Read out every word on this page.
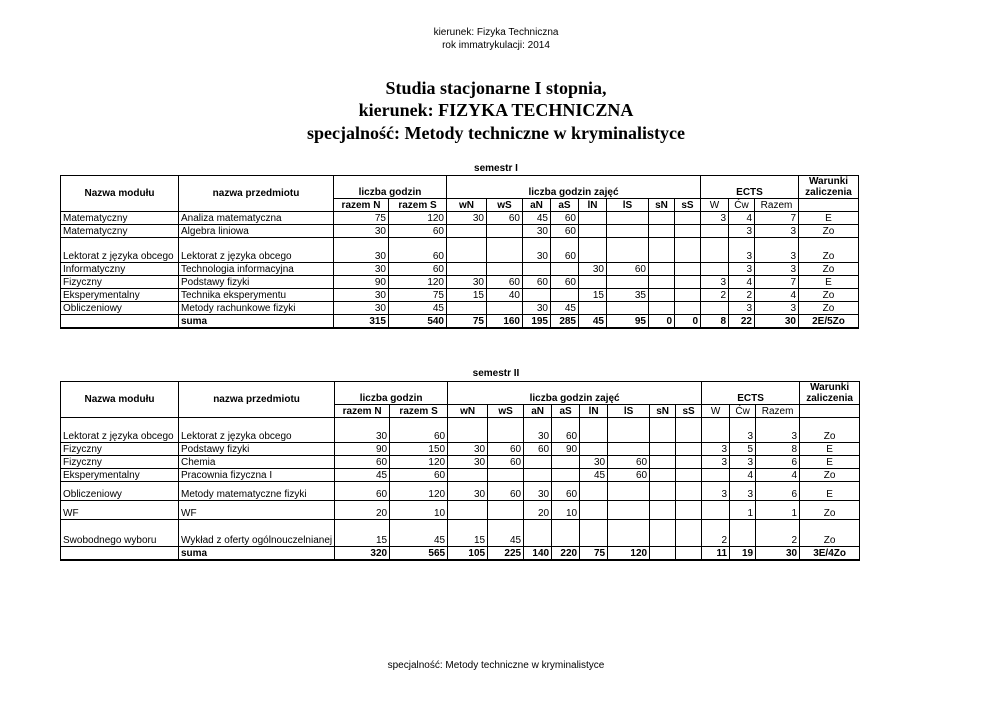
kierunek: Fizyka Techniczna
rok immatrykulacji: 2014
Studia stacjonarne I stopnia,
kierunek: FIZYKA TECHNICZNA
specjalność: Metody techniczne w kryminalistyce
semestr I
Nazwa modułu	nazwa przedmiotu	liczba godzin		liczba godzin zajęć								ECTS			Warunki
zaliczenia
		razem N	razem S	wN	wS	aN	aS	lN	lS	sN	sS	W	Ćw	Razem	
Matematyczny	Analiza matematyczna	75	120	30	60	45	60					3	4	7	E
Matematyczny	Algebra liniowa	30	60			30	60						3	3	Zo
Lektorat z języka obcego	Lektorat z języka obcego	30	60			30	60						3	3	Zo
Informatyczny	Technologia informacyjna	30	60					30	60				3	3	Zo
Fizyczny	Podstawy fizyki	90	120	30	60	60	60					3	4	7	E
Eksperymentalny	Technika eksperymentu	30	75	15	40			15	35			2	2	4	Zo
Obliczeniowy	Metody rachunkowe fizyki	30	45			30	45						3	3	Zo
	suma	315	540	75	160	195	285	45	95	0	0	8	22	30	2E/5Zo
semestr II
Nazwa modułu	nazwa przedmiotu	liczba godzin		liczba godzin zajęć								ECTS			Warunki
zaliczenia
		razem N	razem S	wN	wS	aN	aS	lN	lS	sN	sS	W	Ćw	Razem	
Lektorat z języka obcego	Lektorat z języka obcego	30	60			30	60						3	3	Zo
Fizyczny	Podstawy fizyki	90	150	30	60	60	90					3	5	8	E
Fizyczny	Chemia	60	120	30	60			30	60			3	3	6	E
Eksperymentalny	Pracownia fizyczna I	45	60					45	60				4	4	Zo
Obliczeniowy	Metody matematyczne fizyki	60	120	30	60	30	60					3	3	6	E
WF	WF	20	10			20	10						1	1	Zo
Swobodnego wyboru	Wykład z oferty ogólnouczelnianej	15	45	15	45							2		2	Zo
	suma	320	565	105	225	140	220	75	120			11	19	30	3E/4Zo
specjalność: Metody techniczne w kryminalistyce
